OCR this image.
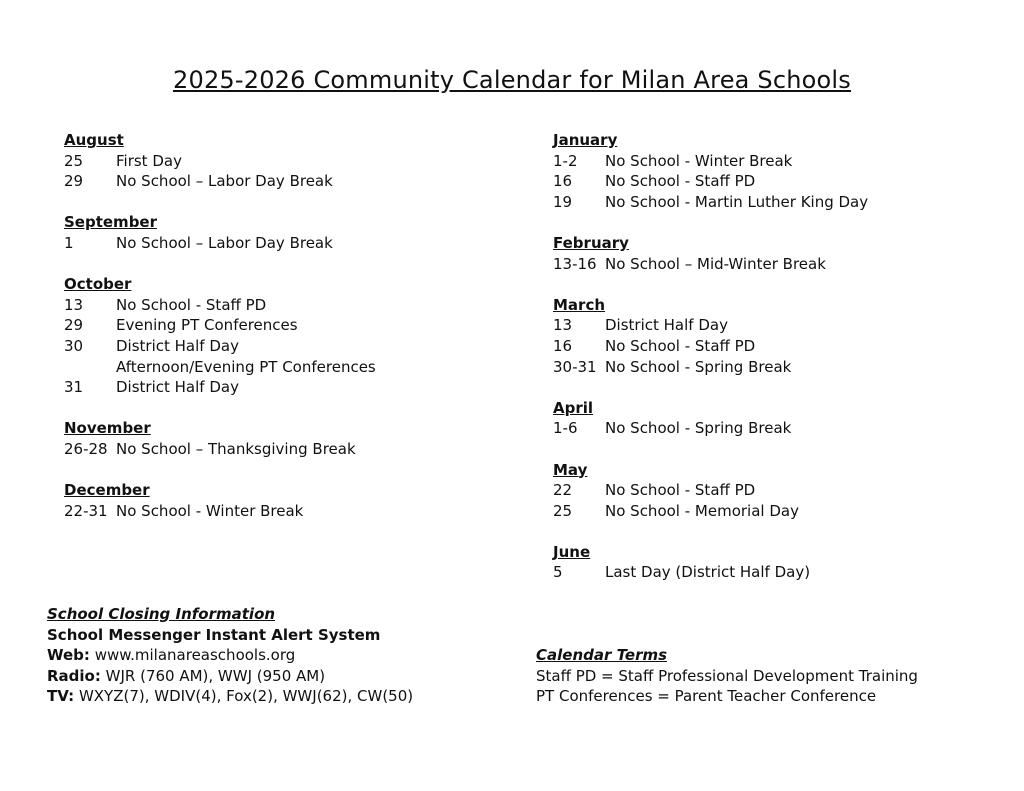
2025-2026 Community Calendar for Milan Area Schools
August
25	First Day
29	No School – Labor Day Break
September
1	No School – Labor Day Break
October
13	No School - Staff PD
29	Evening PT Conferences
30	District Half Day
Afternoon/Evening PT Conferences
31	District Half Day
November
26-28 No School – Thanksgiving Break
December
22-31 No School - Winter Break
January
1-2	No School - Winter Break
16	No School - Staff PD
19	No School - Martin Luther King Day
February
13-16 No School – Mid-Winter Break
March
13	District Half Day
16	No School - Staff PD
30-31 No School - Spring Break
April
1-6	No School - Spring Break
May
22	No School - Staff PD
25	No School - Memorial Day
June
5	Last Day (District Half Day)
School Closing Information
School Messenger Instant Alert System
Web: www.milanareaschools.org
Radio: WJR (760 AM), WWJ (950 AM)
TV: WXYZ(7), WDIV(4), Fox(2), WWJ(62), CW(50)
Calendar Terms
Staff PD = Staff Professional Development Training
PT Conferences = Parent Teacher Conference
